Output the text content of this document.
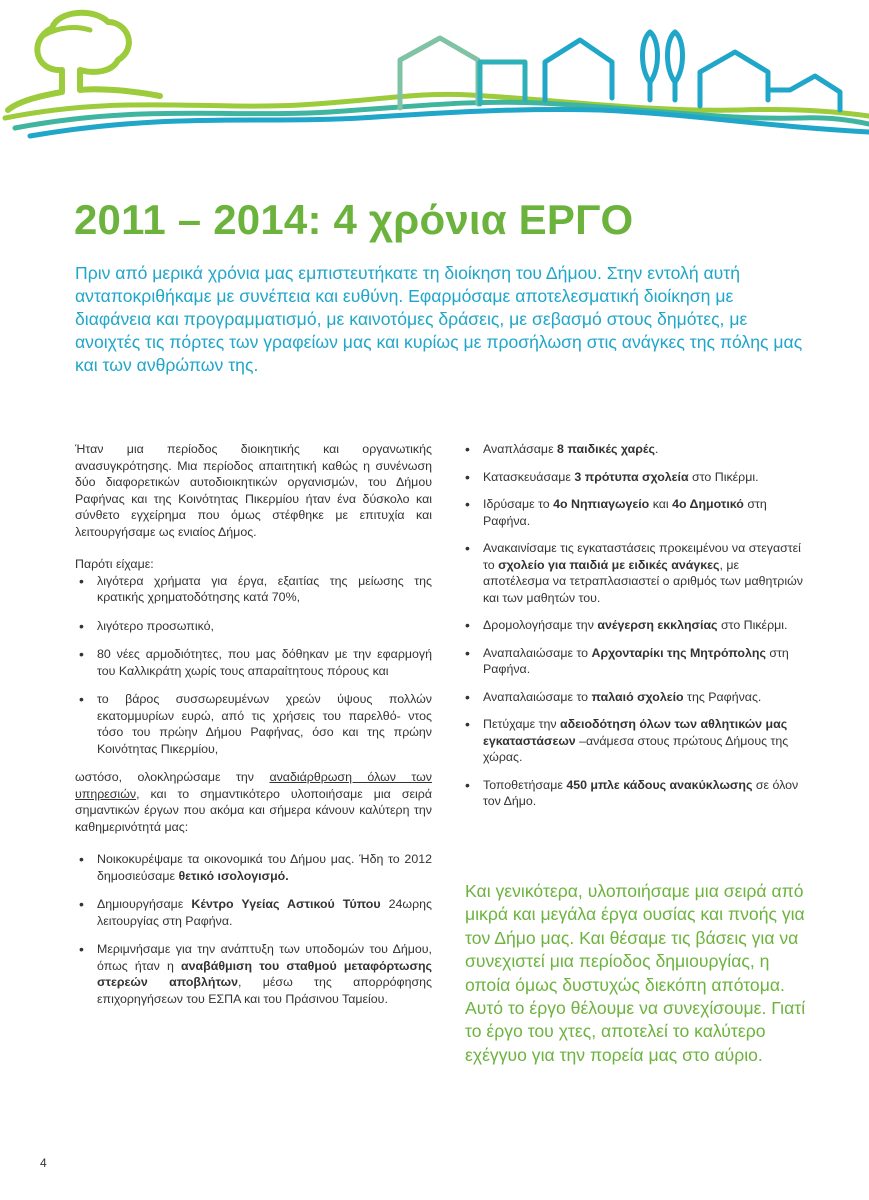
2011 – 2014: 4 χρόνια ΕΡΓΟ

Πριν από μερικά χρόνια μας εμπιστευτήκατε τη διοίκηση του Δήμου. Στην εντολή αυτή ανταποκριθήκαμε με συνέπεια και ευθύνη. Εφαρμόσαμε αποτελεσματική διοίκηση με διαφάνεια και προγραμματισμό, με καινοτόμες δράσεις, με σεβασμό στους δημότες, με ανοιχτές τις πόρτες των γραφείων μας και κυρίως με προσήλωση στις ανάγκες της πόλης μας και των ανθρώπων της.

Ήταν μια περίοδος διοικητικής και οργανωτικής ανασυγκρότησης. Μια περίοδος απαιτητική καθώς η συνένωση δύο διαφορετικών αυτοδιοικητικών οργανισμών, του Δήμου Ραφήνας και της Κοινότητας Πικερμίου ήταν ένα δύσκολο και σύνθετο εγχείρημα που όμως στέφθηκε με επιτυχία και λειτουργήσαμε ως ενιαίος Δήμος.

Παρότι είχαμε:

• λιγότερα χρήματα για έργα, εξαιτίας της μείωσης της κρατικής χρηματοδότησης κατά 70%,
• λιγότερο προσωπικό,
• 80 νέες αρμοδιότητες, που μας δόθηκαν με την εφαρμογή του Καλλικράτη χωρίς τους απαραίτητους πόρους και
• το βάρος συσσωρευμένων χρεών ύψους πολλών εκατομμυρίων ευρώ, από τις χρήσεις του παρελθό- ντος τόσο του πρώην Δήμου Ραφήνας, όσο και της πρώην Κοινότητας Πικερμίου,

ωστόσο, ολοκληρώσαμε την αναδιάρθρωση όλων των υπηρεσιών, και το σημαντικότερο υλοποιήσαμε μια σειρά σημαντικών έργων που ακόμα και σήμερα κάνουν καλύτερη την καθημερινότητά μας:

• Νοικοκυρέψαμε τα οικονομικά του Δήμου μας. Ήδη το 2012 δημοσιεύσαμε θετικό ισολογισμό.
• Δημιουργήσαμε Κέντρο Υγείας Αστικού Τύπου 24ωρης λειτουργίας στη Ραφήνα.
• Μεριμνήσαμε για την ανάπτυξη των υποδομών του Δήμου, όπως ήταν η αναβάθμιση του σταθμού μεταφόρτωσης στερεών αποβλήτων, μέσω της απορρόφησης επιχορηγήσεων του ΕΣΠΑ και του Πράσινου Ταμείου.
• Αναπλάσαμε 8 παιδικές χαρές.
• Κατασκευάσαμε 3 πρότυπα σχολεία στο Πικέρμι.
• Ιδρύσαμε το 4ο Νηπιαγωγείο και 4ο Δημοτικό στη Ραφήνα.
• Ανακαινίσαμε τις εγκαταστάσεις προκειμένου να στεγαστεί το σχολείο για παιδιά με ειδικές ανάγκες, με αποτέλεσμα να τετραπλασιαστεί ο αριθμός των μαθητριών και των μαθητών του.
• Δρομολογήσαμε την ανέγερση εκκλησίας στο Πικέρμι.
• Αναπαλαιώσαμε το Αρχονταρίκι της Μητρόπολης στη Ραφήνα.
• Αναπαλαιώσαμε το παλαιό σχολείο της Ραφήνας.
• Πετύχαμε την αδειοδότηση όλων των αθλητικών μας εγκαταστάσεων –ανάμεσα στους πρώτους Δήμους της χώρας.
• Τοποθετήσαμε 450 μπλε κάδους ανακύκλωσης σε όλον τον Δήμο.

Και γενικότερα, υλοποιήσαμε μια σειρά από μικρά και μεγάλα έργα ουσίας και πνοής για τον Δήμο μας. Και θέσαμε τις βάσεις για να συνεχιστεί μια περίοδος δημιουργίας, η οποία όμως δυστυχώς διεκόπη απότομα. Αυτό το έργο θέλουμε να συνεχίσουμε. Γιατί το έργο του χτες, αποτελεί το καλύτερο εχέγγυο για την πορεία μας στο αύριο.

4
